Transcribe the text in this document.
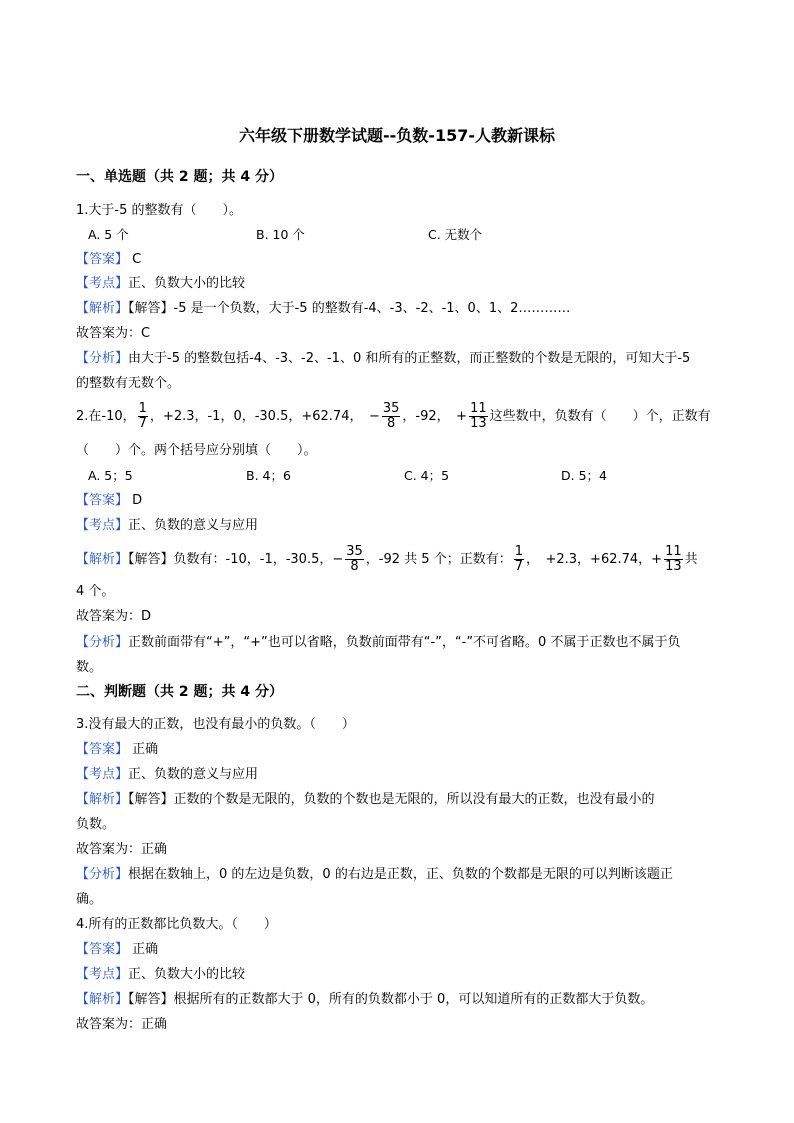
六年级下册数学试题--负数-157-人教新课标
一、单选题（共 2 题；共 4 分）
1.大于-5 的整数有（　　）。
A. 5 个	B. 10 个	C. 无数个
【答案】 C
【考点】正、负数大小的比较
【解析】【解答】-5 是一个负数，大于-5 的整数有-4、-3、-2、-1、0、1、2…………
故答案为：C
【分析】由大于-5 的整数包括-4、-3、-2、-1、0 和所有的正整数，而正整数的个数是无限的，可知大于-5
的整数有无数个。
2.在-10， $\frac{1}{7}$ ，+2.3，-1，0，-30.5，+62.74，　− $\frac{35}{8}$ ，-92，　+ $\frac{11}{13}$ 这些数中，负数有（　　）个，正数有
（　　）个。两个括号应分别填（　　）。
A. 5；5	B. 4；6	C. 4；5	D. 5；4
【答案】 D
【考点】正、负数的意义与应用
【解析】【解答】负数有：-10，-1，-30.5，− $\frac{35}{8}$ ，-92 共 5 个；正数有： $\frac{1}{7}$ ，　+2.3，+62.74，+ $\frac{11}{13}$ 共
4 个。
故答案为：D
【分析】正数前面带有“+”，“+”也可以省略，负数前面带有“-”，“-”不可省略。0 不属于正数也不属于负
数。
二、判断题（共 2 题；共 4 分）
3.没有最大的正数，也没有最小的负数。（　　）
【答案】 正确
【考点】正、负数的意义与应用
【解析】【解答】正数的个数是无限的，负数的个数也是无限的，所以没有最大的正数，也没有最小的
负数。
故答案为：正确
【分析】根据在数轴上，0 的左边是负数，0 的右边是正数，正、负数的个数都是无限的可以判断该题正
确。
4.所有的正数都比负数大。（　　）
【答案】 正确
【考点】正、负数大小的比较
【解析】【解答】根据所有的正数都大于 0，所有的负数都小于 0，可以知道所有的正数都大于负数。
故答案为：正确
